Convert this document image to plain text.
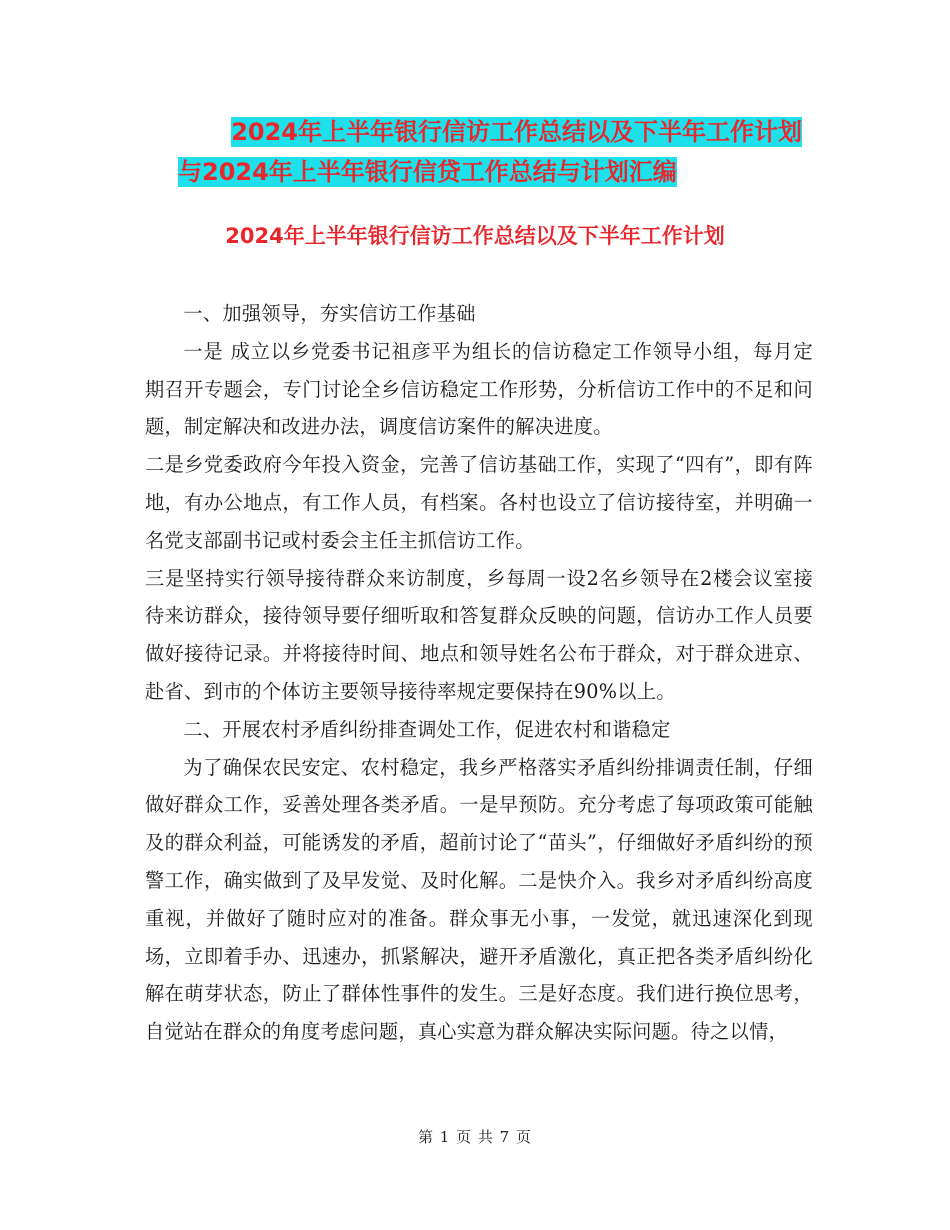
2024年上半年银行信访工作总结以及下半年工作计划
与2024年上半年银行信贷工作总结与计划汇编
2024年上半年银行信访工作总结以及下半年工作计划

一、加强领导，夯实信访工作基础

一是 成立以乡党委书记祖彦平为组长的信访稳定工作领导小组，每月定期召开专题会，专门讨论全乡信访稳定工作形势，分析信访工作中的不足和问题，制定解决和改进办法，调度信访案件的解决进度。

二是乡党委政府今年投入资金，完善了信访基础工作，实现了“四有”，即有阵地，有办公地点，有工作人员，有档案。各村也设立了信访接待室，并明确一名党支部副书记或村委会主任主抓信访工作。

三是坚持实行领导接待群众来访制度，乡每周一设2名乡领导在2楼会议室接待来访群众，接待领导要仔细听取和答复群众反映的问题，信访办工作人员要做好接待记录。并将接待时间、地点和领导姓名公布于群众，对于群众进京、赴省、到市的个体访主要领导接待率规定要保持在90%以上。

二、开展农村矛盾纠纷排查调处工作，促进农村和谐稳定

为了确保农民安定、农村稳定，我乡严格落实矛盾纠纷排调责任制，仔细做好群众工作，妥善处理各类矛盾。一是早预防。充分考虑了每项政策可能触及的群众利益，可能诱发的矛盾，超前讨论了“苗头”，仔细做好矛盾纠纷的预警工作，确实做到了及早发觉、及时化解。二是快介入。我乡对矛盾纠纷高度重视，并做好了随时应对的准备。群众事无小事，一发觉，就迅速深化到现场，立即着手办、迅速办，抓紧解决，避开矛盾激化，真正把各类矛盾纠纷化解在萌芽状态，防止了群体性事件的发生。三是好态度。我们进行换位思考，自觉站在群众的角度考虑问题，真心实意为群众解决实际问题。待之以情，

第 1 页 共 7 页
